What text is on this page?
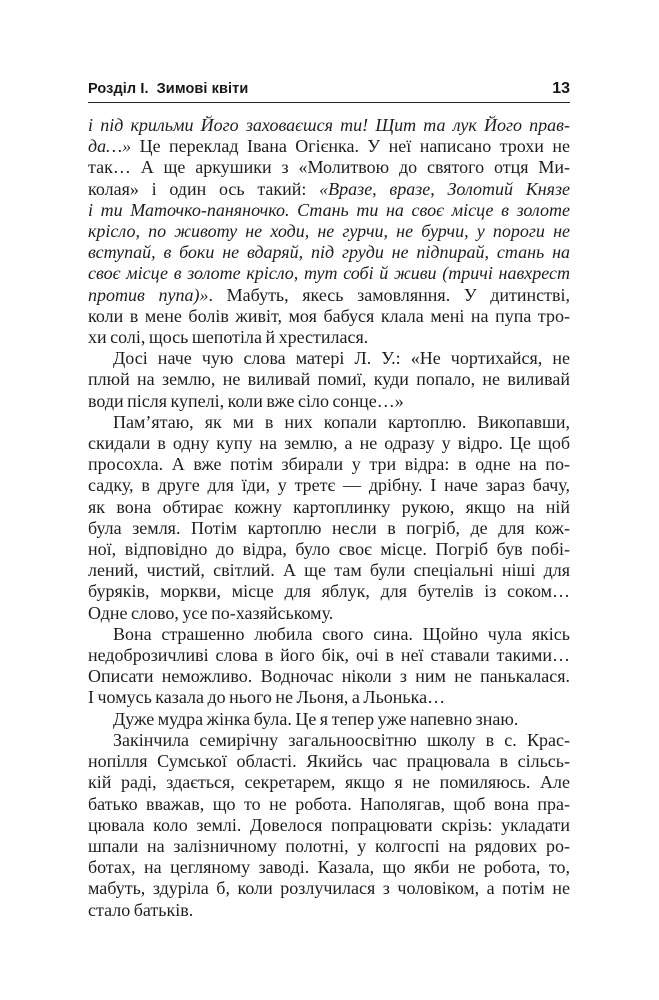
Розділ І. Зимові квіти	13
і під крильми Його заховаєшся ти! Щит та лук Його прав-
да…» Це переклад Івана Огієнка. У неї написано трохи не
так… А ще аркушики з «Молитвою до святого отця Ми-
колая» і один ось такий: «Вразе, вразе, Золотий Князе
і ти Маточко-паняночко. Стань ти на своє місце в золоте
крісло, по животу не ходи, не гурчи, не бурчи, у пороги не
вступай, в боки не вдаряй, під груди не підпирай, стань на
своє місце в золоте крісло, тут собі й живи (тричі навхрест
против пупа)». Мабуть, якесь замовляння. У дитинстві,
коли в мене болів живіт, моя бабуся клала мені на пупа тро-
хи солі, щось шепотіла й хрестилася.
Досі наче чую слова матері Л. У.: «Не чортихайся, не
плюй на землю, не виливай помиї, куди попало, не виливай
води після купелі, коли вже сіло сонце…»
Пам’ятаю, як ми в них копали картоплю. Викопавши,
скидали в одну купу на землю, а не одразу у відро. Це щоб
просохла. А вже потім збирали у три відра: в одне на по-
садку, в друге для їди, у третє — дрібну. І наче зараз бачу,
як вона обтирає кожну картоплинку рукою, якщо на ній
була земля. Потім картоплю несли в погріб, де для кож-
ної, відповідно до відра, було своє місце. Погріб був побі-
лений, чистий, світлий. А ще там були спеціальні ніші для
буряків, моркви, місце для яблук, для бутелів із соком…
Одне слово, усе по-хазяйському.
Вона страшенно любила свого сина. Щойно чула якісь
недоброзичливі слова в його бік, очі в неї ставали такими…
Описати неможливо. Водночас ніколи з ним не панькалася.
І чомусь казала до нього не Льоня, а Льонька…
Дуже мудра жінка була. Це я тепер уже напевно знаю.
Закінчила семирічну загальноосвітню школу в с. Крас-
нопілля Сумської області. Якийсь час працювала в сільсь-
кій раді, здається, секретарем, якщо я не помиляюсь. Але
батько вважав, що то не робота. Наполягав, щоб вона пра-
цювала коло землі. Довелося попрацювати скрізь: укладати
шпали на залізничному полотні, у колгоспі на рядових ро-
ботах, на цегляному заводі. Казала, що якби не робота, то,
мабуть, здуріла б, коли розлучилася з чоловіком, а потім не
стало батьків.
